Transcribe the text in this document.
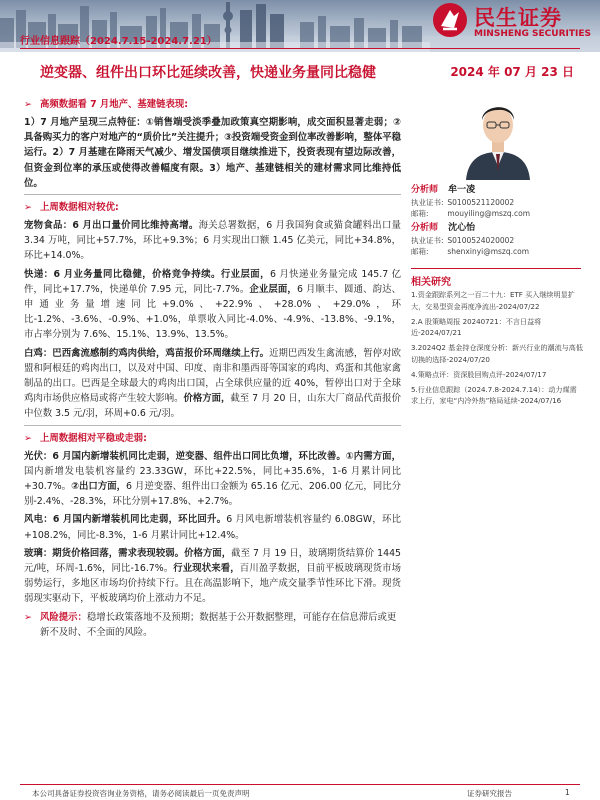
民生证券
MINSHENG SECURITIES
行业信息跟踪（2024.7.15-2024.7.21）
逆变器、组件出口环比延续改善，快递业务量同比稳健	2024 年 07 月 23 日
➢ 高频数据看 7 月地产、基建链表现:
1）7 月地产呈现三点特征：①销售端受淡季叠加政策真空期影响，成交面积显著走弱；②具备购买力的客户对地产的“质价比”关注提升；③投资端受资金到位率改善影响，整体平稳运行。2）7 月基建在降雨天气减少、增发国债项目继续推进下，投资表现有望边际改善，但资金到位率的承压或使得改善幅度有限。3）地产、基建链相关的建材需求同比维持低位。
➢ 上周数据相对较优:
宠物食品：6 月出口量价同比维持高增。海关总署数据，6 月我国狗食或猫食罐料出口量 3.34 万吨，同比+57.7%，环比+9.3%；6 月实现出口额 1.45 亿美元，同比+34.8%，环比+14.0%。
快递：6 月业务量同比稳健，价格竞争持续。行业层面，6 月快递业务量完成 145.7 亿件，同比+17.7%，快递单价 7.95 元，同比-7.7%。企业层面，6 月顺丰、圆通、韵达、申通业务量增速同比+9.0%、+22.9%、+28.0%、+29.0%，环比-1.2%、-3.6%、-0.9%、+1.0%，单票收入同比-4.0%、-4.9%、-13.8%、-9.1%，市占率分别为 7.6%、15.1%、13.9%、13.5%。
白鸡：巴西禽流感制约鸡肉供给，鸡苗报价环周继续上行。近期巴西发生禽流感，暂停对欧盟和阿根廷的鸡肉出口，以及对中国、印度、南非和墨西哥等国家的鸡肉、鸡蛋和其他家禽制品的出口。巴西是全球最大的鸡肉出口国，占全球供应量的近 40%，暂停出口对于全球鸡肉市场供应格局或将产生较大影响。价格方面，截至 7 月 20 日，山东大厂商品代苗报价中位数 3.5 元/羽，环周+0.6 元/羽。
➢ 上周数据相对平稳或走弱:
光伏：6 月国内新增装机同比走弱，逆变器、组件出口同比负增，环比改善。①内需方面，国内新增发电装机容量约 23.33GW，环比+22.5%，同比+35.6%，1-6 月累计同比+30.7%。②出口方面，6 月逆变器、组件出口金额为 65.16 亿元、206.00 亿元，同比分别-2.4%、-28.3%，环比分别+17.8%、+2.7%。
风电：6 月国内新增装机同比走弱，环比回升。6 月风电新增装机容量约 6.08GW，环比+108.2%，同比-8.3%，1-6 月累计同比+12.4%。
玻璃：期货价格回落，需求表现较弱。价格方面，截至 7 月 19 日，玻璃期货结算价 1445 元/吨，环周-1.6%，同比-16.7%。行业现状来看，百川盈孚数据，目前平板玻璃现货市场弱势运行，多地区市场均价持续下行。且在高温影响下，地产成交量季节性环比下滑。现货弱现实驱动下，平板玻璃均价上涨动力不足。
➢ 风险提示：稳增长政策落地不及预期；数据基于公开数据整理，可能存在信息滞后或更新不及时、不全面的风险。
分析师 牟一凌
执业证书: S0100521120002
邮箱:	mouyiling@mszq.com
分析师 沈心怡
执业证书: S0100524020002
邮箱:	shenxinyi@mszq.com
相关研究
1.资金跟踪系列之一百二十九：ETF 买入继续明显扩大，交易型资金再度净流出-2024/07/22
2.A 股策略周报 20240721：不言日益将近-2024/07/21
3.2024Q2 基金持仓深度分析：新兴行业的潮流与高低切换的选择-2024/07/20
4.策略点评：资深股回购点评-2024/07/17
5.行业信息跟踪（2024.7.8-2024.7.14）：动力煤需求上行，家电“内冷外热”格局延续-2024/07/16
本公司具备证券投资咨询业务资格，请务必阅读最后一页免责声明	证券研究报告	1
